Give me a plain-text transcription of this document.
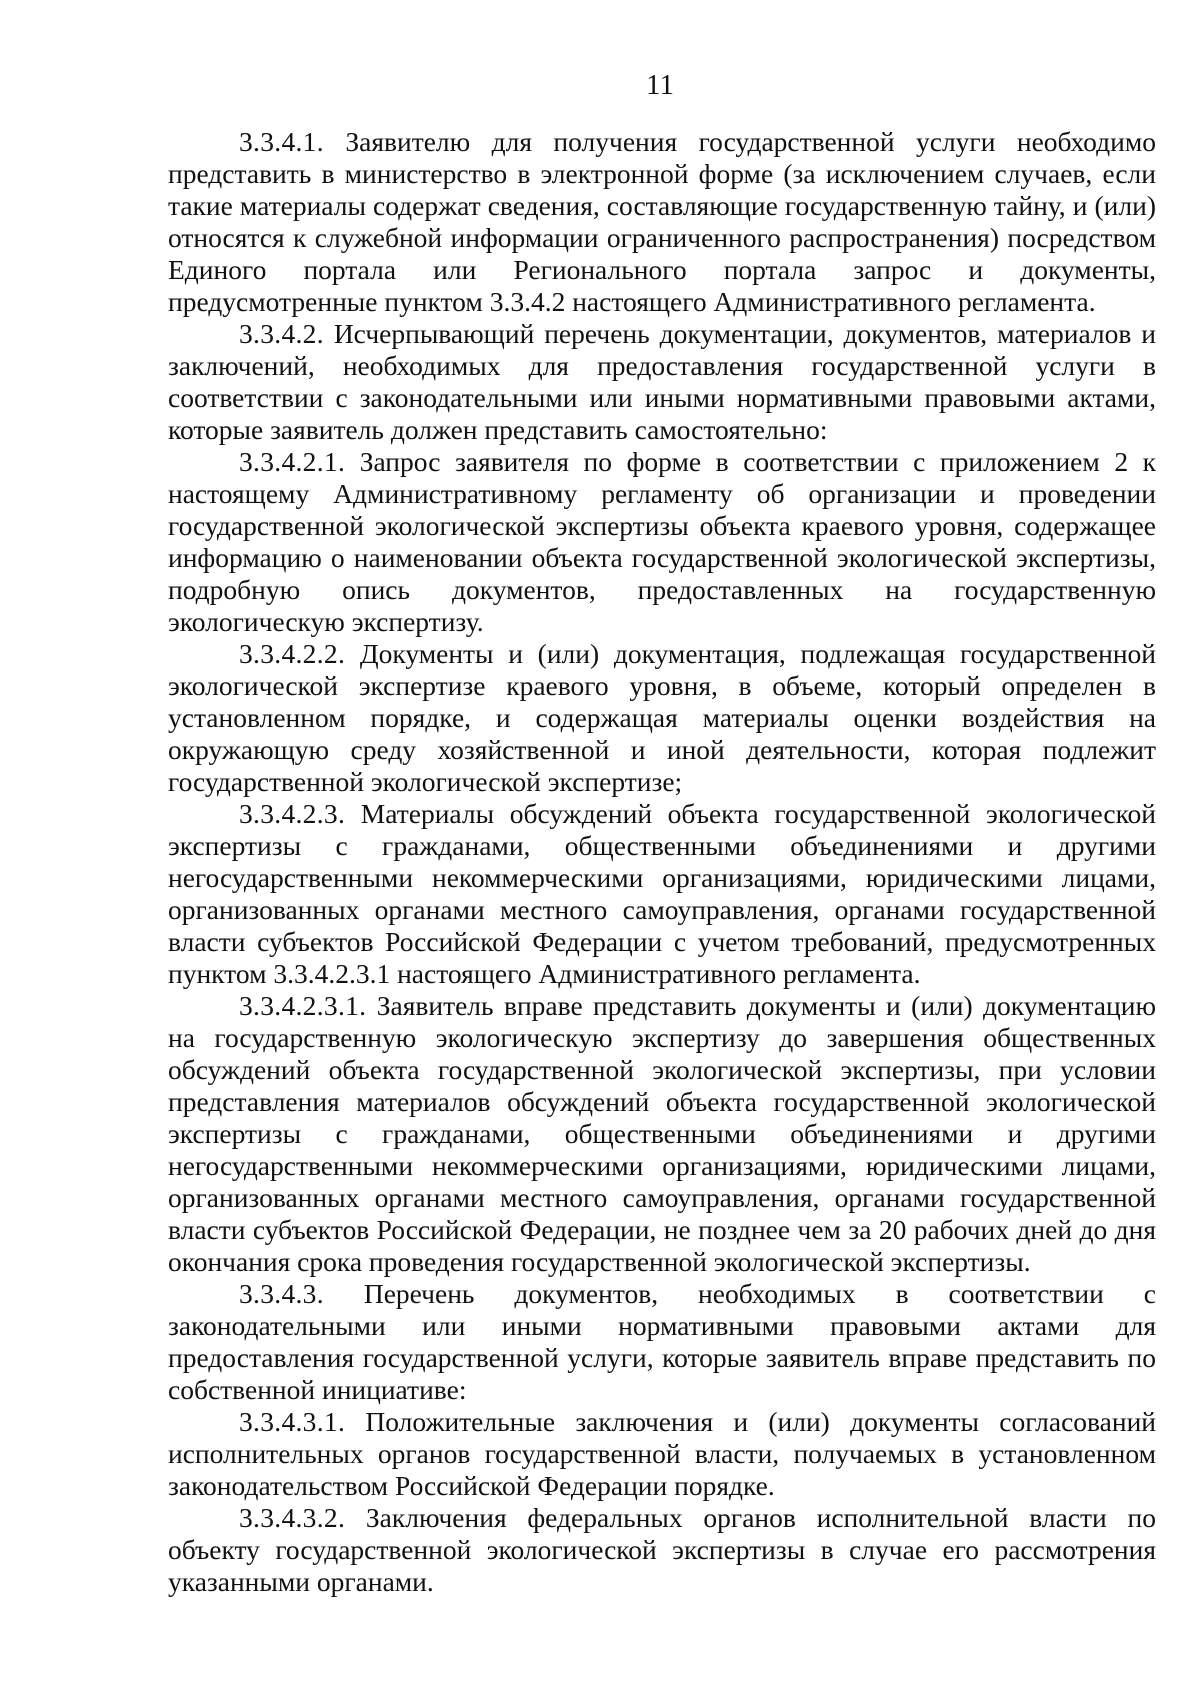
11

3.3.4.1. Заявителю для получения государственной услуги необходимо представить в министерство в электронной форме (за исключением случаев, если такие материалы содержат сведения, составляющие государственную тайну, и (или) относятся к служебной информации ограниченного распространения) посредством Единого портала или Регионального портала запрос и документы, предусмотренные пунктом 3.3.4.2 настоящего Административного регламента.

3.3.4.2. Исчерпывающий перечень документации, документов, материалов и заключений, необходимых для предоставления государственной услуги в соответствии с законодательными или иными нормативными правовыми актами, которые заявитель должен представить самостоятельно:

3.3.4.2.1. Запрос заявителя по форме в соответствии с приложением 2 к настоящему Административному регламенту об организации и проведении государственной экологической экспертизы объекта краевого уровня, содержащее информацию о наименовании объекта государственной экологической экспертизы, подробную опись документов, предоставленных на государственную экологическую экспертизу.

3.3.4.2.2. Документы и (или) документация, подлежащая государственной экологической экспертизе краевого уровня, в объеме, который определен в установленном порядке, и содержащая материалы оценки воздействия на окружающую среду хозяйственной и иной деятельности, которая подлежит государственной экологической экспертизе;

3.3.4.2.3. Материалы обсуждений объекта государственной экологической экспертизы с гражданами, общественными объединениями и другими негосударственными некоммерческими организациями, юридическими лицами, организованных органами местного самоуправления, органами государственной власти субъектов Российской Федерации с учетом требований, предусмотренных пунктом 3.3.4.2.3.1 настоящего Административного регламента.

3.3.4.2.3.1. Заявитель вправе представить документы и (или) документацию на государственную экологическую экспертизу до завершения общественных обсуждений объекта государственной экологической экспертизы, при условии представления материалов обсуждений объекта государственной экологической экспертизы с гражданами, общественными объединениями и другими негосударственными некоммерческими организациями, юридическими лицами, организованных органами местного самоуправления, органами государственной власти субъектов Российской Федерации, не позднее чем за 20 рабочих дней до дня окончания срока проведения государственной экологической экспертизы.

3.3.4.3. Перечень документов, необходимых в соответствии с законодательными или иными нормативными правовыми актами для предоставления государственной услуги, которые заявитель вправе представить по собственной инициативе:

3.3.4.3.1. Положительные заключения и (или) документы согласований исполнительных органов государственной власти, получаемых в установленном законодательством Российской Федерации порядке.

3.3.4.3.2. Заключения федеральных органов исполнительной власти по объекту государственной экологической экспертизы в случае его рассмотрения указанными органами.
